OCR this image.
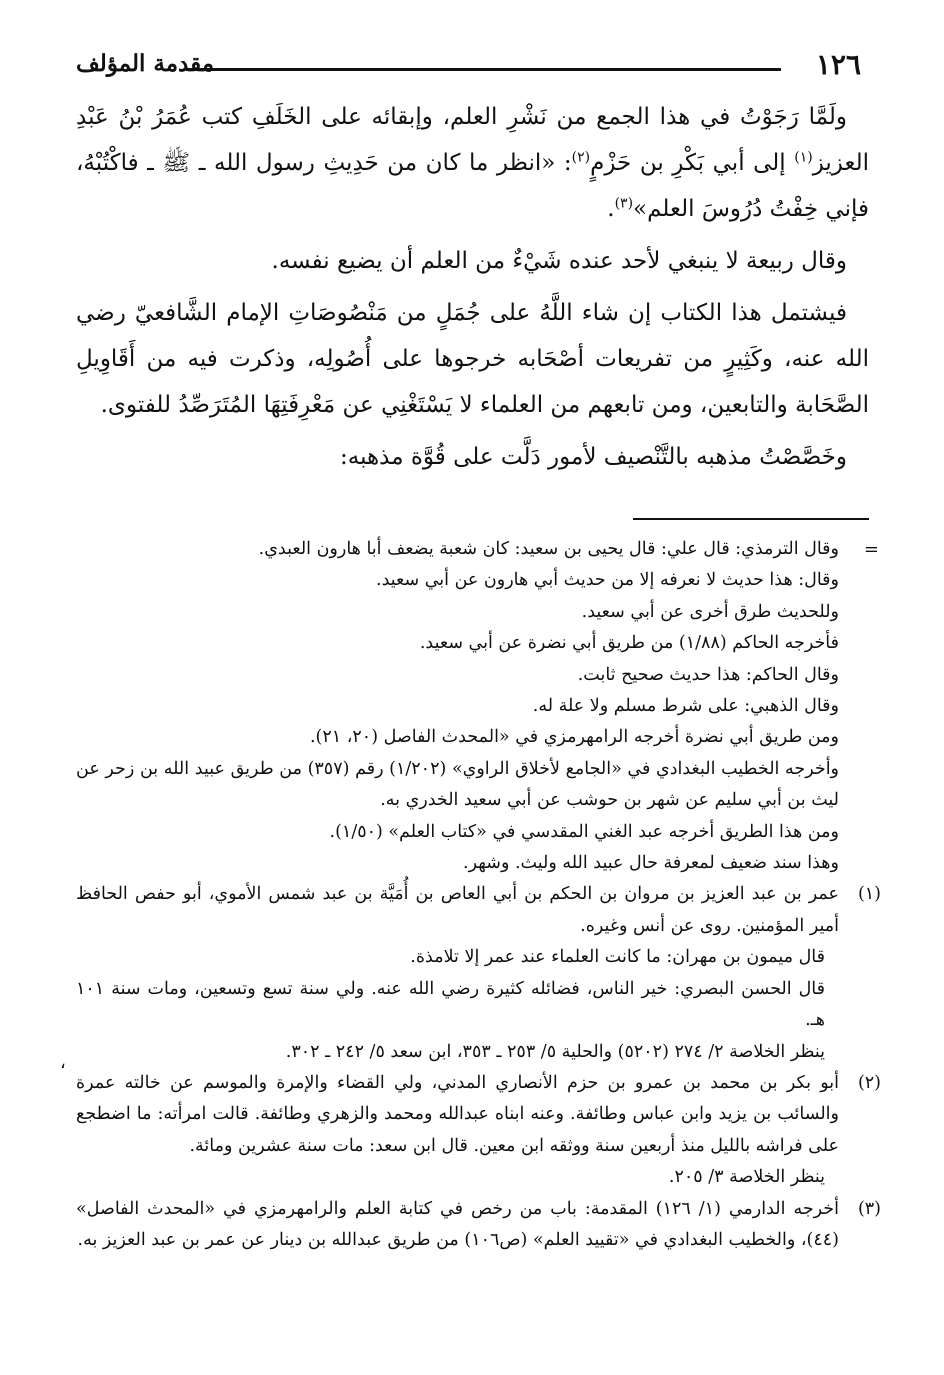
١٢٦
مقدمة المؤلف

ولَمَّا رَجَوْتُ في هذا الجمع من نَشْرِ العلم، وإبقائه على الخَلَفِ كتب عُمَرُ بْنُ عَبْدِ العزيز$^{(١)}$ إلى أبي بَكْرِ بن حَزْمٍ$^{(٢)}$: «انظر ما كان من حَدِيثِ رسول الله ـ ﷺ ـ فاكْتُبْهُ، فإني خِفْتُ دُرُوسَ العلم»$^{(٣)}$.

وقال ربيعة لا ينبغي لأحد عنده شَيْءٌ من العلم أن يضيع نفسه.

فيشتمل هذا الكتاب إن شاء اللَّهُ على جُمَلٍ من مَنْصُوصَاتِ الإمام الشَّافعيّ رضي الله عنه، وكَثِيرٍ من تفريعات أصْحَابه خرجوها على أُصُولِه، وذكرت فيه من أَقَاوِيلِ الصَّحَابة والتابعين، ومن تابعهم من العلماء لا يَسْتَغْنِي عن مَعْرِفَتِهَا المُتَرَصِّدُ للفتوى.

وخَصَّصْتُ مذهبه بالتَّنْصيف لأمور دَلَّت على قُوَّة مذهبه:

=

وقال الترمذي: قال علي: قال يحيى بن سعيد: كان شعبة يضعف أبا هارون العبدي.

وقال: هذا حديث لا نعرفه إلا من حديث أبي هارون عن أبي سعيد.

وللحديث طرق أخرى عن أبي سعيد.

فأخرجه الحاكم (١/٨٨) من طريق أبي نضرة عن أبي سعيد.

وقال الحاكم: هذا حديث صحيح ثابت.

وقال الذهبي: على شرط مسلم ولا علة له.

ومن طريق أبي نضرة أخرجه الرامهرمزي في «المحدث الفاصل (٢٠، ٢١).

وأخرجه الخطيب البغدادي في «الجامع لأخلاق الراوي» (١/٢٠٢) رقم (٣٥٧) من طريق عبيد الله بن زحر عن ليث بن أبي سليم عن شهر بن حوشب عن أبي سعيد الخدري به.

ومن هذا الطريق أخرجه عبد الغني المقدسي في «كتاب العلم» (١/٥٠).

وهذا سند ضعيف لمعرفة حال عبيد الله وليث. وشهر.

(١)

عمر بن عبد العزيز بن مروان بن الحكم بن أبي العاص بن أُمَيَّة بن عبد شمس الأموي، أبو حفص الحافظ أمير المؤمنين. روى عن أنس وغيره.

قال ميمون بن مهران: ما كانت العلماء عند عمر إلا تلامذة.

قال الحسن البصري: خير الناس، فضائله كثيرة رضي الله عنه. ولي سنة تسع وتسعين، ومات سنة ١٠١ هـ.

ينظر الخلاصة ٢/ ٢٧٤ (٥٢٠٢) والحلية ٥/ ٢٥٣ ـ ٣٥٣، ابن سعد ٥/ ٢٤٢ ـ ٣٠٢.

(٢)

أبو بكر بن محمد بن عمرو بن حزم الأنصاري المدني، ولي القضاء والإمرة والموسم عن خالته عمرة والسائب بن يزيد وابن عباس وطائفة. وعنه ابناه عبدالله ومحمد والزهري وطائفة. قالت امرأته: ما اضطجع على فراشه بالليل منذ أربعين سنة ووثقه ابن معين. قال ابن سعد: مات سنة عشرين ومائة.

ينظر الخلاصة ٣/ ٢٠٥.

(٣)

أخرجه الدارمي (١/ ١٢٦) المقدمة: باب من رخص في كتابة العلم والرامهرمزي في «المحدث الفاصل» (٤٤)، والخطيب البغدادي في «تقييد العلم» (ص١٠٦) من طريق عبدالله بن دينار عن عمر بن عبد العزيز به.

،
